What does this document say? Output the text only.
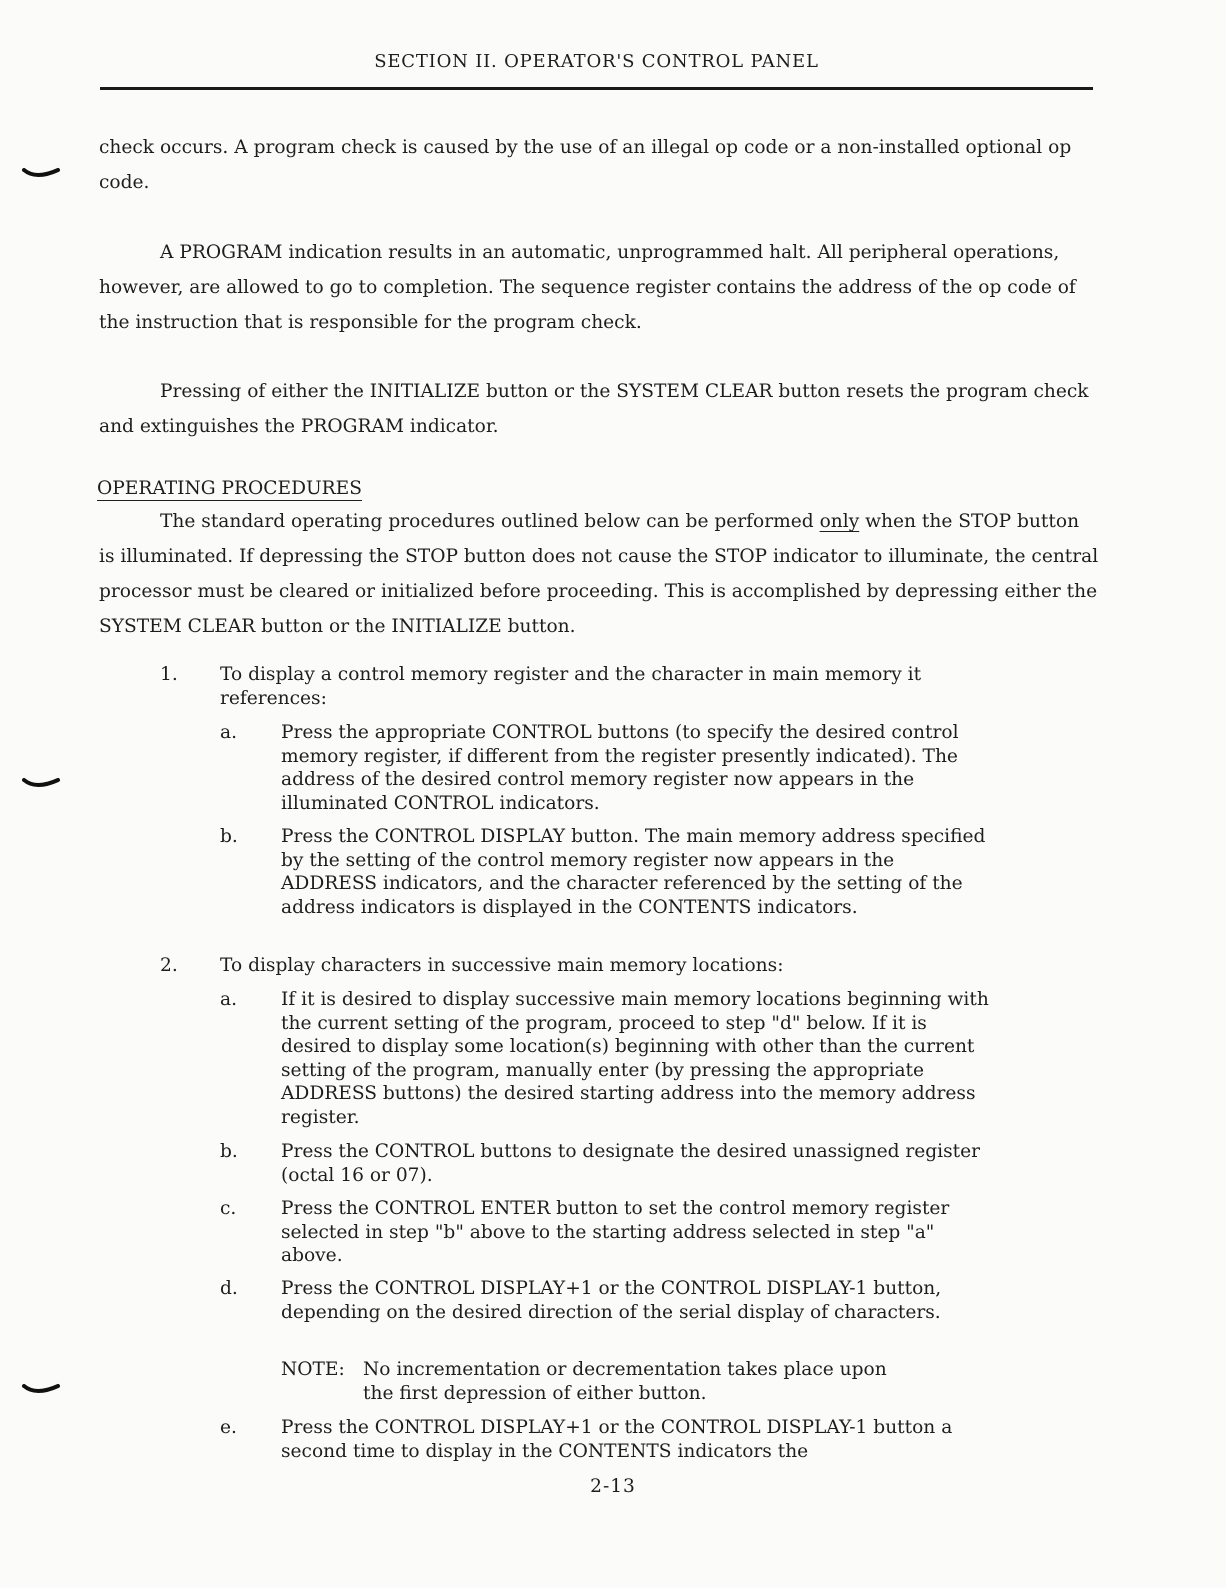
SECTION II. OPERATOR'S CONTROL PANEL

check occurs. A program check is caused by the use of an illegal op code or a non-installed optional op code.

A PROGRAM indication results in an automatic, unprogrammed halt. All peripheral operations, however, are allowed to go to completion. The sequence register contains the address of the op code of the instruction that is responsible for the program check.

Pressing of either the INITIALIZE button or the SYSTEM CLEAR button resets the program check and extinguishes the PROGRAM indicator.

OPERATING PROCEDURES

The standard operating procedures outlined below can be performed only when the STOP button is illuminated. If depressing the STOP button does not cause the STOP indicator to illuminate, the central processor must be cleared or initialized before proceeding. This is accomplished by depressing either the SYSTEM CLEAR button or the INITIALIZE button.

1. To display a control memory register and the character in main memory it references:

a. Press the appropriate CONTROL buttons (to specify the desired control memory register, if different from the register presently indicated). The address of the desired control memory register now appears in the illuminated CONTROL indicators.

b. Press the CONTROL DISPLAY button. The main memory address specified by the setting of the control memory register now appears in the ADDRESS indicators, and the character referenced by the setting of the address indicators is displayed in the CONTENTS indicators.

2. To display characters in successive main memory locations:

a. If it is desired to display successive main memory locations beginning with the current setting of the program, proceed to step "d" below. If it is desired to display some location(s) beginning with other than the current setting of the program, manually enter (by pressing the appropriate ADDRESS buttons) the desired starting address into the memory address register.

b. Press the CONTROL buttons to designate the desired unassigned register (octal 16 or 07).

c. Press the CONTROL ENTER button to set the control memory register selected in step "b" above to the starting address selected in step "a" above.

d. Press the CONTROL DISPLAY+1 or the CONTROL DISPLAY-1 button, depending on the desired direction of the serial display of characters.

NOTE: No incrementation or decrementation takes place upon
the first depression of either button.

e. Press the CONTROL DISPLAY+1 or the CONTROL DISPLAY-1 button a second time to display in the CONTENTS indicators the

2-13
